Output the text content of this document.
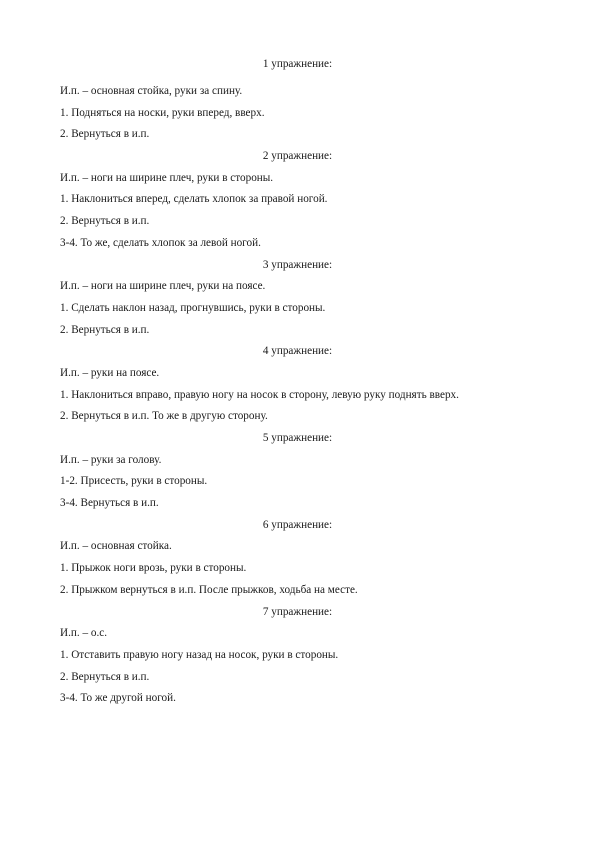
1 упражнение:

И.п. – основная стойка, руки за спину.

1. Подняться на носки, руки вперед, вверх.

2. Вернуться в и.п.

2 упражнение:

И.п. – ноги на ширине плеч, руки в стороны.

1. Наклониться вперед, сделать хлопок за правой ногой.

2. Вернуться в и.п.

3-4. То же, сделать хлопок за левой ногой.

3 упражнение:

И.п. – ноги на ширине плеч, руки на поясе.

1. Сделать наклон назад, прогнувшись, руки в стороны.

2. Вернуться в и.п.

4 упражнение:

И.п. – руки на поясе.

1. Наклониться вправо, правую ногу на носок в сторону, левую руку поднять вверх.

2. Вернуться в и.п. То же в другую сторону.

5 упражнение:

И.п. – руки за голову.

1-2. Присесть, руки в стороны.

3-4. Вернуться в и.п.

6 упражнение:

И.п. – основная стойка.

1. Прыжок ноги врозь, руки в стороны.

2. Прыжком вернуться в и.п. После прыжков, ходьба на месте.

7 упражнение:

И.п. – о.с.

1. Отставить правую ногу назад на носок, руки в стороны.

2. Вернуться в и.п.

3-4. То же другой ногой.
